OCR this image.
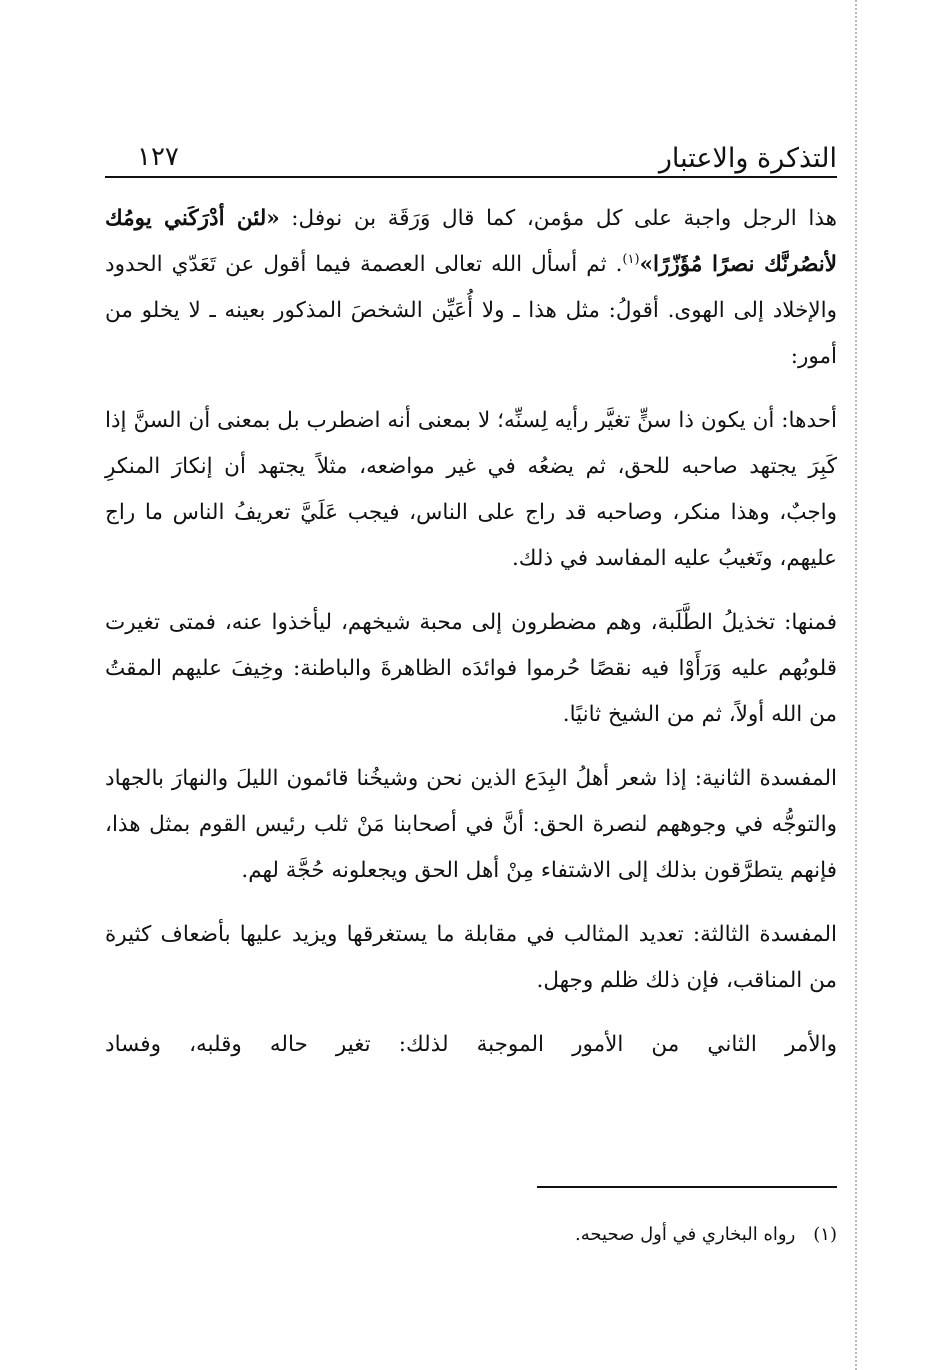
التذكرة والاعتبار
١٢٧

هذا الرجل واجبة على كل مؤمن، كما قال وَرَقَة بن نوفل: «لئن أدْرَكَني يومُك لأنصُرنَّك نصرًا مُؤَزّرًا»$^{(١)}$. ثم أسأل الله تعالى العصمة فيما أقول عن تَعَدّي الحدود والإخلاد إلى الهوى. أقولُ: مثل هذا ـ ولا أُعَيِّن الشخصَ المذكور بعينه ـ لا يخلو من أمور:

أحدها: أن يكون ذا سنٍّ تغيَّر رأيه لِسنِّه؛ لا بمعنى أنه اضطرب بل بمعنى أن السنَّ إذا كَبِرَ يجتهد صاحبه للحق، ثم يضعُه في غير مواضعه، مثلاً يجتهد أن إنكارَ المنكرِ واجبٌ، وهذا منكر، وصاحبه قد راج على الناس، فيجب عَلَيَّ تعريفُ الناس ما راج عليهم، وتَغيبُ عليه المفاسد في ذلك.

فمنها: تخذيلُ الطَّلَبة، وهم مضطرون إلى محبة شيخهم، ليأخذوا عنه، فمتى تغيرت قلوبُهم عليه وَرَأَوْا فيه نقصًا حُرموا فوائدَه الظاهرةَ والباطنة: وخِيفَ عليهم المقتُ من الله أولاً، ثم من الشيخ ثانيًا.

المفسدة الثانية: إذا شعر أهلُ البِدَع الذين نحن وشيخُنا قائمون الليلَ والنهارَ بالجهاد والتوجُّه في وجوههم لنصرة الحق: أنَّ في أصحابنا مَنْ ثلب رئيس القوم بمثل هذا، فإنهم يتطرَّقون بذلك إلى الاشتفاء مِنْ أهل الحق ويجعلونه حُجَّة لهم.

المفسدة الثالثة: تعديد المثالب في مقابلة ما يستغرقها ويزيد عليها بأضعاف كثيرة من المناقب، فإن ذلك ظلم وجهل.

والأمر الثاني من الأمور الموجبة لذلك: تغير حاله وقلبه، وفساد

(١)رواه البخاري في أول صحيحه.
